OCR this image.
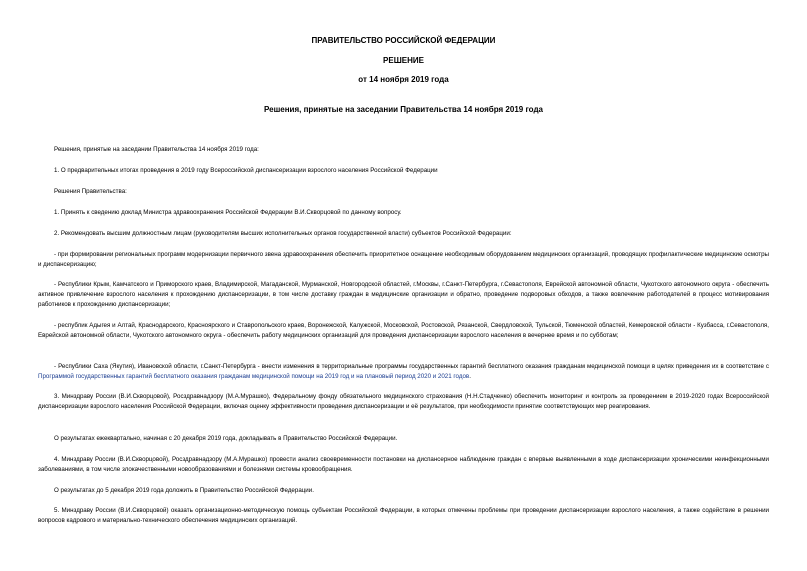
ПРАВИТЕЛЬСТВО РОССИЙСКОЙ ФЕДЕРАЦИИ
РЕШЕНИЕ
от 14 ноября 2019 года
Решения, принятые на заседании Правительства 14 ноября 2019 года

Решения, принятые на заседании Правительства 14 ноября 2019 года:

1. О предварительных итогах проведения в 2019 году Всероссийской диспансеризации взрослого населения Российской Федерации

Решения Правительства:

1. Принять к сведению доклад Министра здравоохранения Российской Федерации В.И.Скворцовой по данному вопросу.

2. Рекомендовать высшим должностным лицам (руководителям высших исполнительных органов государственной власти) субъектов Российской Федерации:

- при формировании региональных программ модернизации первичного звена здравоохранения обеспечить приоритетное оснащение необходимым оборудованием медицинских организаций, проводящих профилактические медицинские осмотры и диспансеризацию;

- Республики Крым, Камчатского и Приморского краев, Владимирской, Магаданской, Мурманской, Новгородской областей, г.Москвы, г.Санкт-Петербурга, г.Севастополя, Еврейской автономной области, Чукотского автономного округа - обеспечить активное привлечение взрослого населения к прохождению диспансеризации, в том числе доставку граждан в медицинские организации и обратно, проведение подворовых обходов, а также вовлечение работодателей в процесс мотивирования работников к прохождению диспансеризации;

- республик Адыгея и Алтай, Краснодарского, Красноярского и Ставропольского краев, Воронежской, Калужской, Московской, Ростовской, Рязанской, Свердловской, Тульской, Тюменской областей, Кемеровской области - Кузбасса, г.Севастополя, Еврейской автономной области, Чукотского автономного округа - обеспечить работу медицинских организаций для проведения диспансеризации взрослого населения в вечернее время и по субботам;

- Республики Саха (Якутия), Ивановской области, г.Санкт-Петербурга - внести изменения в территориальные программы государственных гарантий бесплатного оказания гражданам медицинской помощи в целях приведения их в соответствие с Программой государственных гарантий бесплатного оказания гражданам медицинской помощи на 2019 год и на плановый период 2020 и 2021 годов.

3. Минздраву России (В.И.Скворцовой), Росздравнадзору (М.А.Мурашко), Федеральному фонду обязательного медицинского страхования (Н.Н.Стадченко) обеспечить мониторинг и контроль за проведением в 2019-2020 годах Всероссийской диспансеризации взрослого населения Российской Федерации, включая оценку эффективности проведения диспансеризации и её результатов, при необходимости принятие соответствующих мер реагирования.

О результатах ежеквартально, начиная с 20 декабря 2019 года, докладывать в Правительство Российской Федерации.

4. Минздраву России (В.И.Скворцовой), Росздравнадзору (М.А.Мурашко) провести анализ своевременности постановки на диспансерное наблюдение граждан с впервые выявленными в ходе диспансеризации хроническими неинфекционными заболеваниями, в том числе злокачественными новообразованиями и болезнями системы кровообращения.

О результатах до 5 декабря 2019 года доложить в Правительство Российской Федерации.

5. Минздраву России (В.И.Скворцовой) оказать организационно-методическую помощь субъектам Российской Федерации, в которых отмечены проблемы при проведении диспансеризации взрослого населения, а также содействие в решении вопросов кадрового и материально-технического обеспечения медицинских организаций.
